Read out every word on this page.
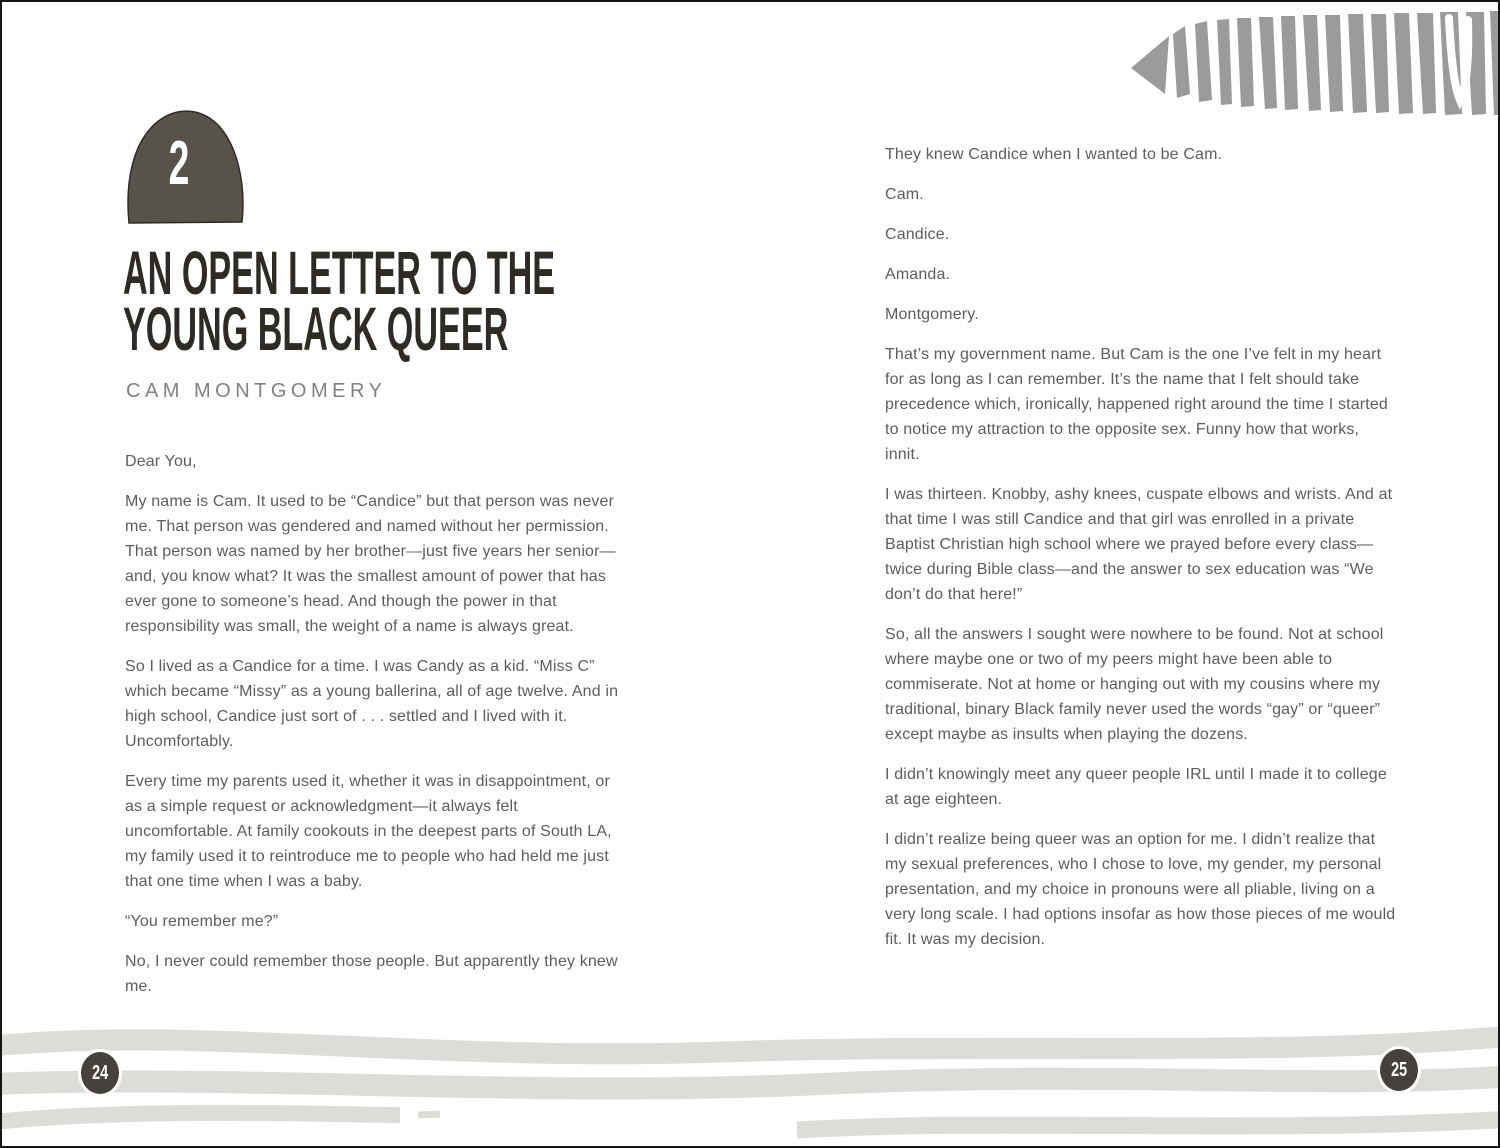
2
AN OPEN LETTER TO THE
YOUNG BLACK QUEER
CAM MONTGOMERY

Dear You,

My name is Cam. It used to be “Candice” but that person was never me. That person was gendered and named without her permission. That person was named by her brother—just five years her senior—and, you know what? It was the smallest amount of power that has ever gone to someone’s head. And though the power in that responsibility was small, the weight of a name is always great.

So I lived as a Candice for a time. I was Candy as a kid. “Miss C” which became “Missy” as a young ballerina, all of age twelve. And in high school, Candice just sort of . . . settled and I lived with it. Uncomfortably.

Every time my parents used it, whether it was in disappointment, or as a simple request or acknowledgment—it always felt uncomfortable. At family cookouts in the deepest parts of South LA, my family used it to reintroduce me to people who had held me just that one time when I was a baby.

“You remember me?”

No, I never could remember those people. But apparently they knew me.

They knew Candice when I wanted to be Cam.

Cam.

Candice.

Amanda.

Montgomery.

That’s my government name. But Cam is the one I’ve felt in my heart for as long as I can remember. It’s the name that I felt should take precedence which, ironically, happened right around the time I started to notice my attraction to the opposite sex. Funny how that works, innit.

I was thirteen. Knobby, ashy knees, cuspate elbows and wrists. And at that time I was still Candice and that girl was enrolled in a private Baptist Christian high school where we prayed before every class—twice during Bible class—and the answer to sex education was “We don’t do that here!”

So, all the answers I sought were nowhere to be found. Not at school where maybe one or two of my peers might have been able to commiserate. Not at home or hanging out with my cousins where my traditional, binary Black family never used the words “gay” or “queer” except maybe as insults when playing the dozens.

I didn’t knowingly meet any queer people IRL until I made it to college at age eighteen.

I didn’t realize being queer was an option for me. I didn’t realize that my sexual preferences, who I chose to love, my gender, my personal presentation, and my choice in pronouns were all pliable, living on a very long scale. I had options insofar as how those pieces of me would fit. It was my decision.

24	25
